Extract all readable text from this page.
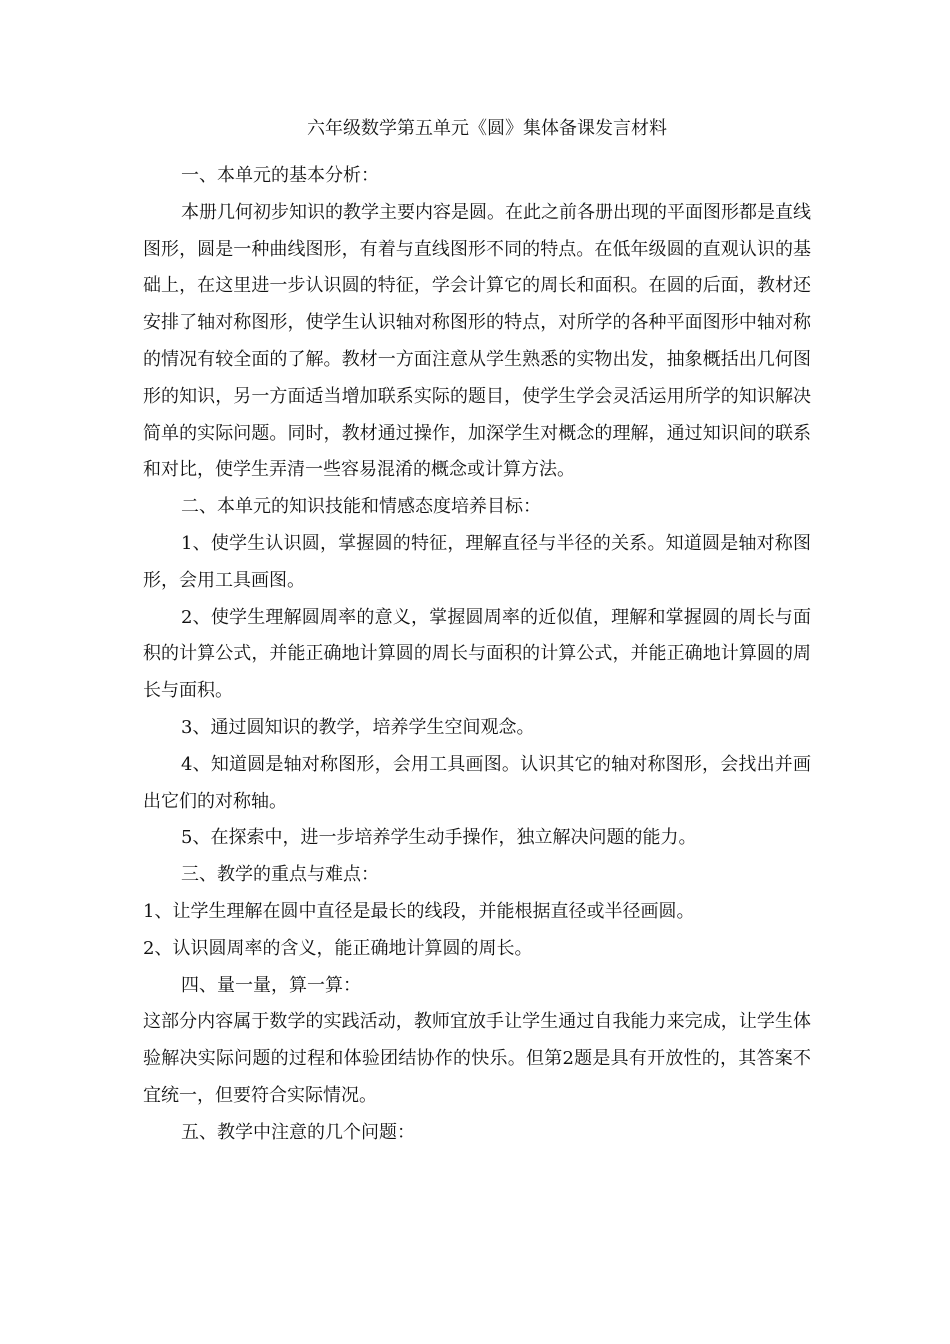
六年级数学第五单元《圆》集体备课发言材料

一、本单元的基本分析：

本册几何初步知识的教学主要内容是圆。在此之前各册出现的平面图形都是直线图形，圆是一种曲线图形，有着与直线图形不同的特点。在低年级圆的直观认识的基础上，在这里进一步认识圆的特征，学会计算它的周长和面积。在圆的后面，教材还安排了轴对称图形，使学生认识轴对称图形的特点，对所学的各种平面图形中轴对称的情况有较全面的了解。教材一方面注意从学生熟悉的实物出发，抽象概括出几何图形的知识，另一方面适当增加联系实际的题目，使学生学会灵活运用所学的知识解决简单的实际问题。同时，教材通过操作，加深学生对概念的理解，通过知识间的联系和对比，使学生弄清一些容易混淆的概念或计算方法。

二、本单元的知识技能和情感态度培养目标：

1、使学生认识圆，掌握圆的特征，理解直径与半径的关系。知道圆是轴对称图形，会用工具画图。

2、使学生理解圆周率的意义，掌握圆周率的近似值，理解和掌握圆的周长与面积的计算公式，并能正确地计算圆的周长与面积的计算公式，并能正确地计算圆的周长与面积。

3、通过圆知识的教学，培养学生空间观念。

4、知道圆是轴对称图形，会用工具画图。认识其它的轴对称图形，会找出并画出它们的对称轴。

5、在探索中，进一步培养学生动手操作，独立解决问题的能力。

三、教学的重点与难点：

1、让学生理解在圆中直径是最长的线段，并能根据直径或半径画圆。

2、认识圆周率的含义，能正确地计算圆的周长。

四、量一量，算一算：

这部分内容属于数学的实践活动，教师宜放手让学生通过自我能力来完成，让学生体验解决实际问题的过程和体验团结协作的快乐。但第2题是具有开放性的，其答案不宜统一，但要符合实际情况。

五、教学中注意的几个问题：
